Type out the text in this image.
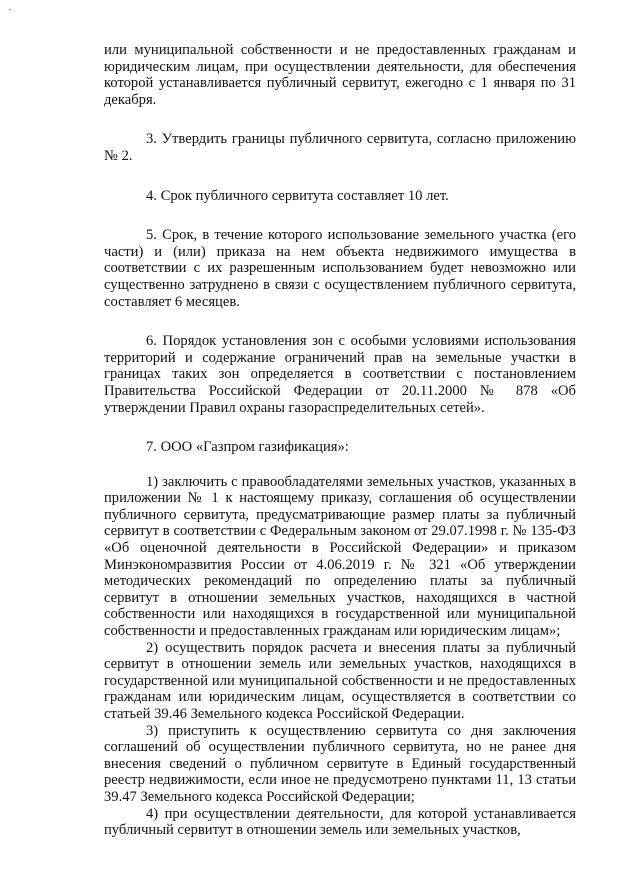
·

или муниципальной собственности и не предоставленных гражданам и юридическим лицам, при осуществлении деятельности, для обеспечения которой устанавливается публичный сервитут, ежегодно с 1 января по 31 декабря.

3. Утвердить границы публичного сервитута, согласно приложению № 2.

4. Срок публичного сервитута составляет 10 лет.

5. Срок, в течение которого использование земельного участка (его части) и (или) приказа на нем объекта недвижимого имущества в соответствии с их разрешенным использованием будет невозможно или существенно затруднено в связи с осуществлением публичного сервитута, составляет 6 месяцев.

6. Порядок установления зон с особыми условиями использования территорий и содержание ограничений прав на земельные участки в границах таких зон определяется в соответствии с постановлением Правительства Российской Федерации от 20.11.2000 № 878 «Об утверждении Правил охраны газораспределительных сетей».

7. ООО «Газпром газификация»:

1) заключить с правообладателями земельных участков, указанных в приложении № 1 к настоящему приказу, соглашения об осуществлении публичного сервитута, предусматривающие размер платы за публичный сервитут в соответствии с Федеральным законом от 29.07.1998 г. № 135-ФЗ «Об оценочной деятельности в Российской Федерации» и приказом Минэкономразвития России от 4.06.2019 г. № 321 «Об утверждении методических рекомендаций по определению платы за публичный сервитут в отношении земельных участков, находящихся в частной собственности или находящихся в государственной или муниципальной собственности и предоставленных гражданам или юридическим лицам»;

2) осуществить порядок расчета и внесения платы за публичный сервитут в отношении земель или земельных участков, находящихся в государственной или муниципальной собственности и не предоставленных гражданам или юридическим лицам, осуществляется в соответствии со статьей 39.46 Земельного кодекса Российской Федерации.

3) приступить к осуществлению сервитута со дня заключения соглашений об осуществлении публичного сервитута, но не ранее дня внесения сведений о публичном сервитуте в Единый государственный реестр недвижимости, если иное не предусмотрено пунктами 11, 13 статьи 39.47 Земельного кодекса Российской Федерации;

4) при осуществлении деятельности, для которой устанавливается публичный сервитут в отношении земель или земельных участков,
